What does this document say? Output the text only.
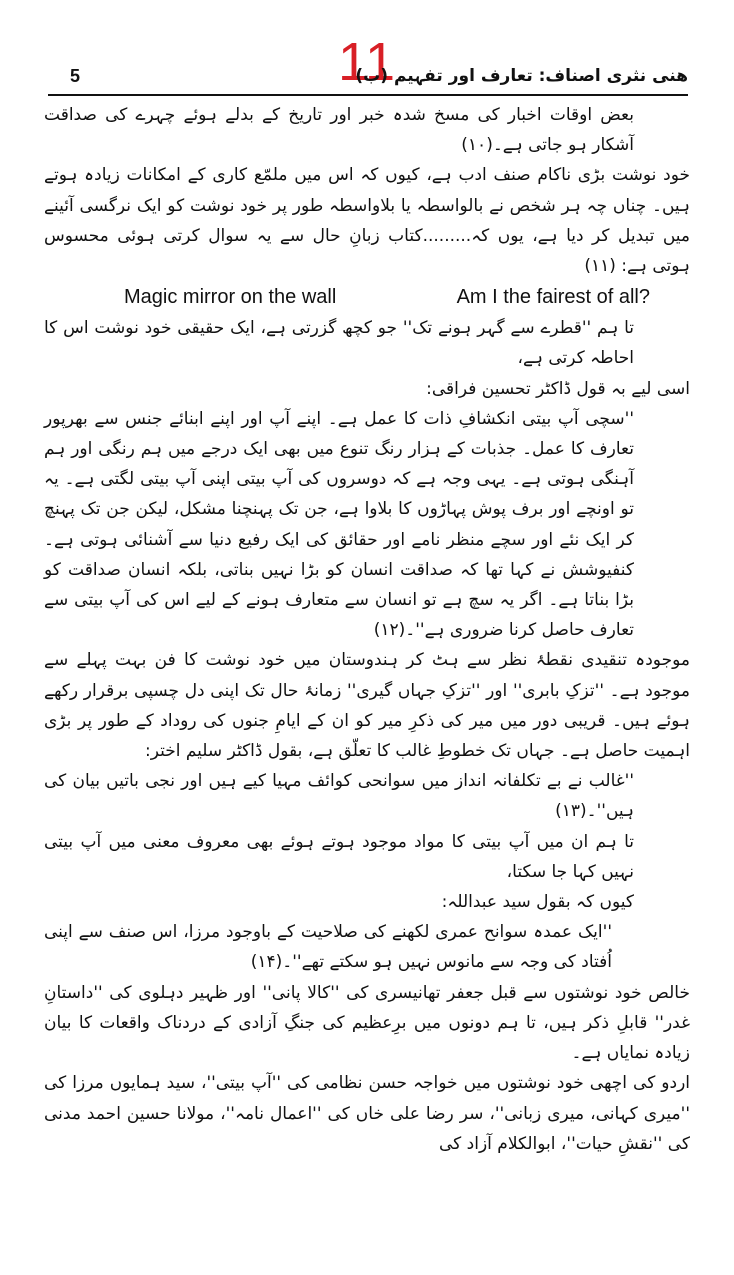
11
5	ھنی نثری اصناف: تعارف اور تفہیم (ب)

بعض اوقات اخبار کی مسخ شدہ خبر اور تاریخ کے بدلے ہوئے چہرے کی صداقت آشکار ہو جاتی ہے۔(۱۰)

خود نوشت بڑی ناکام صنف ادب ہے، کیوں کہ اس میں ملمّع کاری کے امکانات زیادہ ہوتے ہیں۔ چناں چہ ہر شخص نے بالواسطہ یا بلاواسطہ طور پر خود نوشت کو ایک نرگسی آئینے میں تبدیل کر دیا ہے، یوں کہ.........کتاب زبانِ حال سے یہ سوال کرتی ہوئی محسوس ہوتی ہے: (۱۱)

Magic mirror on the wall	Am I the fairest of all?

تا ہم ''قطرے سے گہر ہونے تک'' جو کچھ گزرتی ہے، ایک حقیقی خود نوشت اس کا احاطہ کرتی ہے،

اسی لیے بہ قول ڈاکٹر تحسین فراقی:

''سچی آپ بیتی انکشافِ ذات کا عمل ہے۔ اپنے آپ اور اپنے ابنائے جنس سے بھرپور تعارف کا عمل۔ جذبات کے ہزار رنگ تنوع میں بھی ایک درجے میں ہم رنگی اور ہم آہنگی ہوتی ہے۔ یہی وجہ ہے کہ دوسروں کی آپ بیتی اپنی آپ بیتی لگتی ہے۔ یہ تو اونچے اور برف پوش پہاڑوں کا بلاوا ہے، جن تک پہنچنا مشکل، لیکن جن تک پہنچ کر ایک نئے اور سچے منظر نامے اور حقائق کی ایک رفیع دنیا سے آشنائی ہوتی ہے۔ کنفیوشش نے کہا تھا کہ صداقت انسان کو بڑا نہیں بناتی، بلکہ انسان صداقت کو بڑا بناتا ہے۔ اگر یہ سچ ہے تو انسان سے متعارف ہونے کے لیے اس کی آپ بیتی سے تعارف حاصل کرنا ضروری ہے''۔(۱۲)

موجودہ تنقیدی نقطۂ نظر سے ہٹ کر ہندوستان میں خود نوشت کا فن بہت پہلے سے موجود ہے۔ ''تزکِ بابری'' اور ''تزکِ جہاں گیری'' زمانۂ حال تک اپنی دل چسپی برقرار رکھے ہوئے ہیں۔ قریبی دور میں میر کی ذکرِ میر کو ان کے ایامِ جنوں کی روداد کے طور پر بڑی اہمیت حاصل ہے۔ جہاں تک خطوطِ غالب کا تعلّق ہے، بقول ڈاکٹر سلیم اختر:

''غالب نے بے تکلفانہ انداز میں سوانحی کوائف مہیا کیے ہیں اور نجی باتیں بیان کی ہیں''۔(۱۳)

تا ہم ان میں آپ بیتی کا مواد موجود ہوتے ہوئے بھی معروف معنی میں آپ بیتی نہیں کہا جا سکتا،

کیوں کہ بقول سید عبداللہ:

''ایک عمدہ سوانح عمری لکھنے کی صلاحیت کے باوجود مرزا، اس صنف سے اپنی اُفتاد کی وجہ سے مانوس نہیں ہو سکتے تھے''۔(۱۴)

خالص خود نوشتوں سے قبل جعفر تھانیسری کی ''کالا پانی'' اور ظہیر دہلوی کی ''داستانِ غدر'' قابلِ ذکر ہیں، تا ہم دونوں میں برِعظیم کی جنگِ آزادی کے دردناک واقعات کا بیان زیادہ نمایاں ہے۔

اردو کی اچھی خود نوشتوں میں خواجہ حسن نظامی کی ''آپ بیتی''، سید ہمایوں مرزا کی ''میری کہانی، میری زبانی''، سر رضا علی خاں کی ''اعمال نامہ''، مولانا حسین احمد مدنی کی ''نقشِ حیات''، ابوالکلام آزاد کی
